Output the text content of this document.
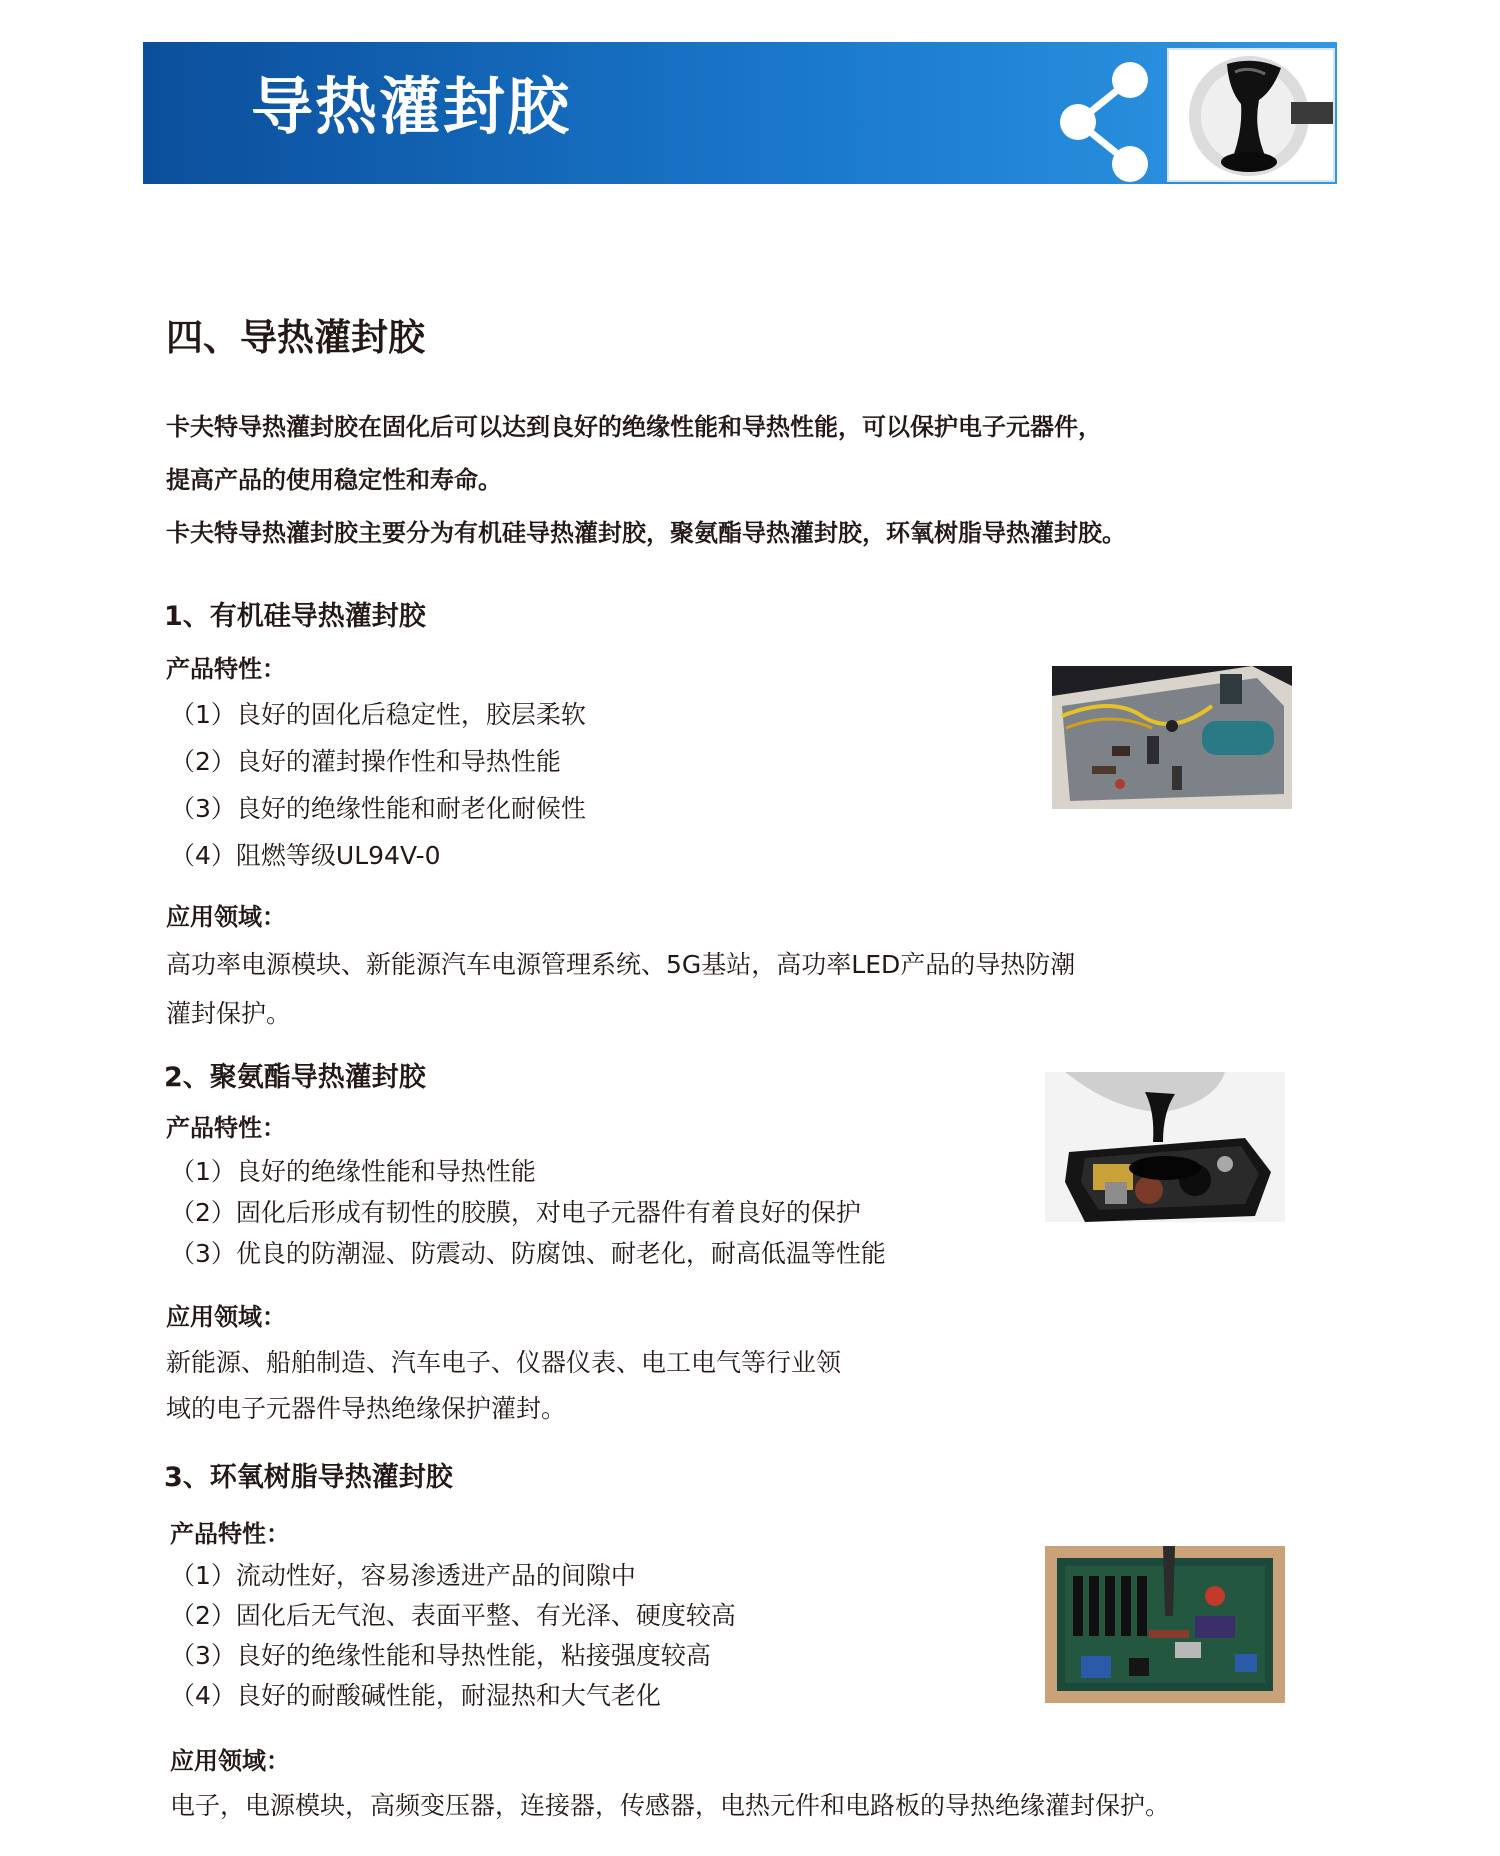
导热灌封胶
四、导热灌封胶
卡夫特导热灌封胶在固化后可以达到良好的绝缘性能和导热性能，可以保护电子元器件，
提高产品的使用稳定性和寿命。
卡夫特导热灌封胶主要分为有机硅导热灌封胶，聚氨酯导热灌封胶，环氧树脂导热灌封胶。
1、有机硅导热灌封胶
产品特性：
（1）良好的固化后稳定性，胶层柔软
（2）良好的灌封操作性和导热性能
（3）良好的绝缘性能和耐老化耐候性
（4）阻燃等级UL94V-0
应用领域：
高功率电源模块、新能源汽车电源管理系统、5G基站，高功率LED产品的导热防潮
灌封保护。
2、聚氨酯导热灌封胶
产品特性：
（1）良好的绝缘性能和导热性能
（2）固化后形成有韧性的胶膜，对电子元器件有着良好的保护
（3）优良的防潮湿、防震动、防腐蚀、耐老化，耐高低温等性能
应用领域：
新能源、船舶制造、汽车电子、仪器仪表、电工电气等行业领
域的电子元器件导热绝缘保护灌封。
3、环氧树脂导热灌封胶
产品特性：
（1）流动性好，容易渗透进产品的间隙中
（2）固化后无气泡、表面平整、有光泽、硬度较高
（3）良好的绝缘性能和导热性能，粘接强度较高
（4）良好的耐酸碱性能，耐湿热和大气老化
应用领域：
电子，电源模块，高频变压器，连接器，传感器，电热元件和电路板的导热绝缘灌封保护。
